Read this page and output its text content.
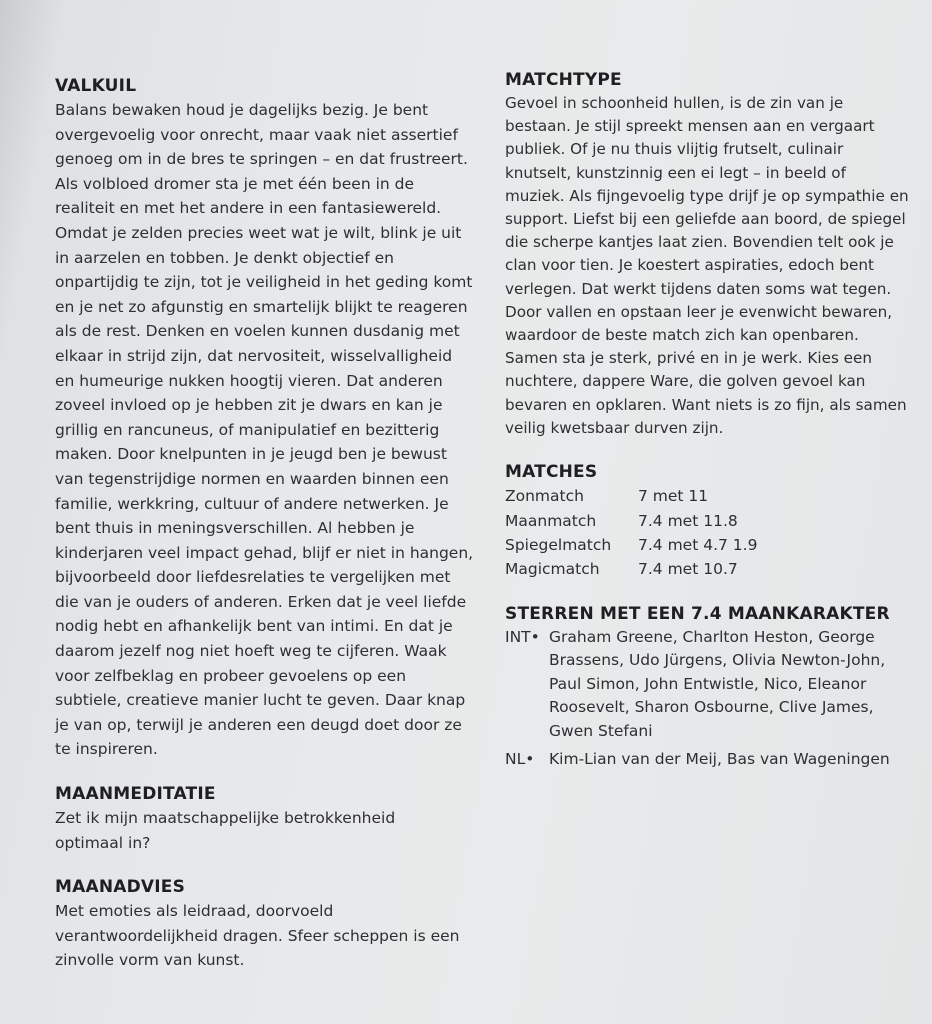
VALKUIL

Balans bewaken houd je dagelijks bezig. Je bent overgevoelig voor onrecht, maar vaak niet assertief genoeg om in de bres te springen – en dat frustreert. Als volbloed dromer sta je met één been in de realiteit en met het andere in een fantasiewereld. Omdat je zelden precies weet wat je wilt, blink je uit in aarzelen en tobben. Je denkt objectief en onpartijdig te zijn, tot je veiligheid in het geding komt en je net zo afgunstig en smartelijk blijkt te reageren als de rest. Denken en voelen kunnen dusdanig met elkaar in strijd zijn, dat nervositeit, wisselvalligheid en humeurige nukken hoogtij vieren. Dat anderen zoveel invloed op je hebben zit je dwars en kan je grillig en rancuneus, of manipulatief en bezitterig maken. Door knelpunten in je jeugd ben je bewust van tegenstrijdige normen en waarden binnen een familie, werkkring, cultuur of andere netwerken. Je bent thuis in meningsverschillen. Al hebben je kinderjaren veel impact gehad, blijf er niet in hangen, bijvoorbeeld door liefdesrelaties te vergelijken met die van je ouders of anderen. Erken dat je veel liefde nodig hebt en afhankelijk bent van intimi. En dat je daarom jezelf nog niet hoeft weg te cijferen. Waak voor zelfbeklag en probeer gevoelens op een subtiele, creatieve manier lucht te geven. Daar knap je van op, terwijl je anderen een deugd doet door ze te inspireren.

MAANMEDITATIE

Zet ik mijn maatschappelijke betrokkenheid optimaal in?

MAANADVIES

Met emoties als leidraad, doorvoeld verantwoordelijkheid dragen. Sfeer scheppen is een zinvolle vorm van kunst.

MATCHTYPE

Gevoel in schoonheid hullen, is de zin van je bestaan. Je stijl spreekt mensen aan en vergaart publiek. Of je nu thuis vlijtig frutselt, culinair knutselt, kunstzinnig een ei legt – in beeld of muziek. Als fijngevoelig type drijf je op sympathie en support. Liefst bij een geliefde aan boord, de spiegel die scherpe kantjes laat zien. Bovendien telt ook je clan voor tien. Je koestert aspiraties, edoch bent verlegen. Dat werkt tijdens daten soms wat tegen. Door vallen en opstaan leer je evenwicht bewaren, waardoor de beste match zich kan openbaren. Samen sta je sterk, privé en in je werk. Kies een nuchtere, dappere Ware, die golven gevoel kan bevaren en opklaren. Want niets is zo fijn, als samen veilig kwetsbaar durven zijn.

MATCHES
Zonmatch	7 met 11
Maanmatch	7.4 met 11.8
Spiegelmatch	7.4 met 4.7 1.9
Magicmatch	7.4 met 10.7
STERREN MET EEN 7.4 MAANKARAKTER
INT• Graham Greene, Charlton Heston, George Brassens, Udo Jürgens, Olivia Newton-John, Paul Simon, John Entwistle, Nico, Eleanor Roosevelt, Sharon Osbourne, Clive James, Gwen Stefani
NL• Kim-Lian van der Meij, Bas van Wageningen
